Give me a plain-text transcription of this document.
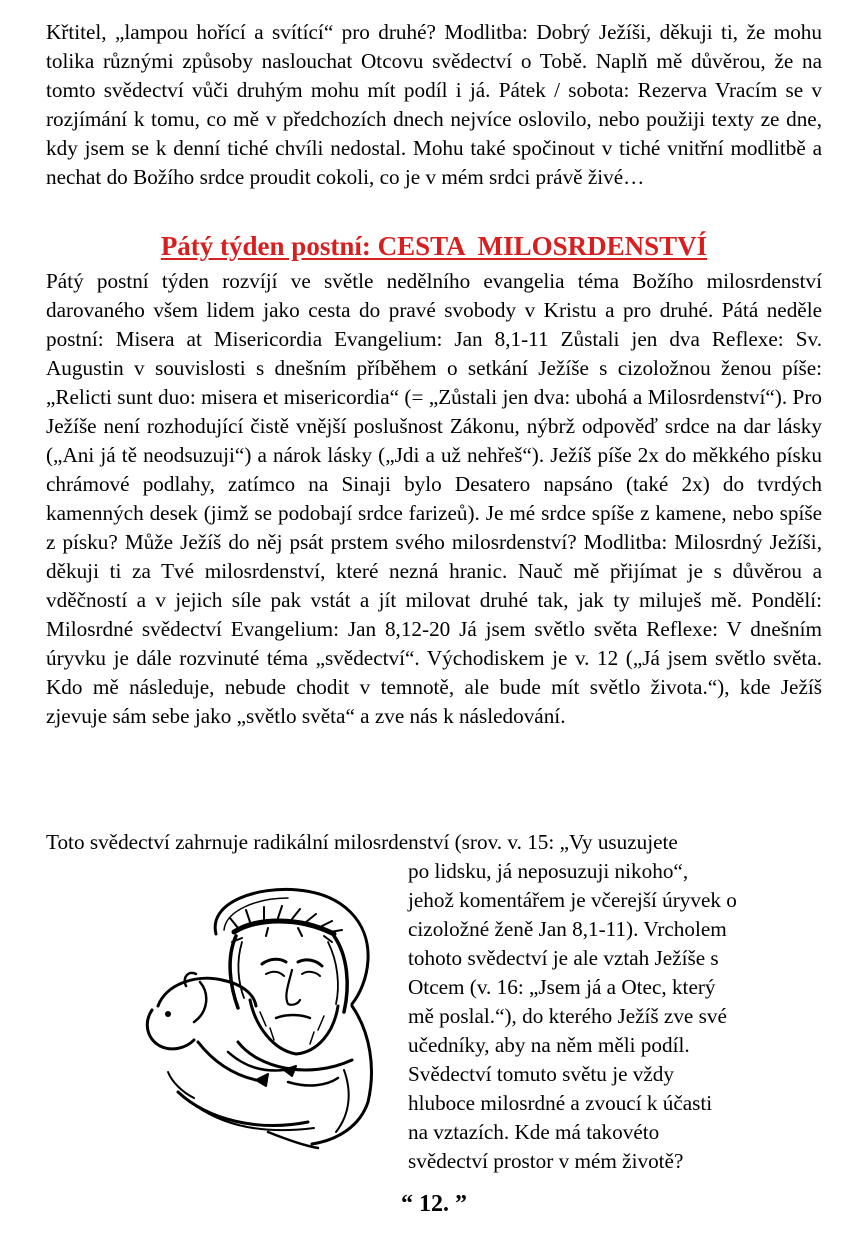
Křtitel, „lampou hořící a svítící“ pro druhé? Modlitba: Dobrý Ježíši, děkuji ti, že mohu tolika různými způsoby naslouchat Otcovu svědectví o Tobě. Naplň mě důvěrou, že na tomto svědectví vůči druhým mohu mít podíl i já. Pátek / sobota: Rezerva Vracím se v rozjímání k tomu, co mě v předchozích dnech nejvíce oslovilo, nebo použiji texty ze dne, kdy jsem se k denní tiché chvíli nedostal. Mohu také spočinout v tiché vnitřní modlitbě a nechat do Božího srdce proudit cokoli, co je v mém srdci právě živé…
Pátý týden postní: CESTA  MILOSRDENSTVÍ
Pátý postní týden rozvíjí ve světle nedělního evangelia téma Božího milosrdenství darovaného všem lidem jako cesta do pravé svobody v Kristu a pro druhé. Pátá neděle postní: Misera at Misericordia Evangelium: Jan 8,1-11 Zůstali jen dva Reflexe: Sv. Augustin v souvislosti s dnešním příběhem o setkání Ježíše s cizoložnou ženou píše: „Relicti sunt duo: misera et misericordia“ (= „Zůstali jen dva: ubohá a Milosrdenství“). Pro Ježíše není rozhodující čistě vnější poslušnost Zákonu, nýbrž odpověď srdce na dar lásky („Ani já tě neodsuzuji“) a nárok lásky („Jdi a už nehřeš“). Ježíš píše 2x do měkkého písku chrámové podlahy, zatímco na Sinaji bylo Desatero napsáno (také 2x) do tvrdých kamenných desek (jimž se podobají srdce farizeů). Je mé srdce spíše z kamene, nebo spíše z písku? Může Ježíš do něj psát prstem svého milosrdenství? Modlitba: Milosrdný Ježíši, děkuji ti za Tvé milosrdenství, které nezná hranic. Nauč mě přijímat je s důvěrou a vděčností a v jejich síle pak vstát a jít milovat druhé tak, jak ty miluješ mě. Pondělí: Milosrdné svědectví Evangelium: Jan 8,12-20 Já jsem světlo světa Reflexe: V dnešním úryvku je dále rozvinuté téma „svědectví“. Východiskem je v. 12 („Já jsem světlo světa. Kdo mě následuje, nebude chodit v temnotě, ale bude mít světlo života.“), kde Ježíš zjevuje sám sebe jako „světlo světa“ a zve nás k následování.
Toto svědectví zahrnuje radikální milosrdenství (srov. v. 15: „Vy usuzujete
po lidsku, já neposuzuji nikoho“,
jehož komentářem je včerejší úryvek o
cizoložné ženě Jan 8,1-11). Vrcholem
tohoto svědectví je ale vztah Ježíše s
Otcem (v. 16: „Jsem já a Otec, který
mě poslal.“), do kterého Ježíš zve své
učedníky, aby na něm měli podíl.
Svědectví tomuto světu je vždy
hluboce milosrdné a zvoucí k účasti
na vztazích. Kde má takovéto
svědectví prostor v mém životě?
“ 12. ”
